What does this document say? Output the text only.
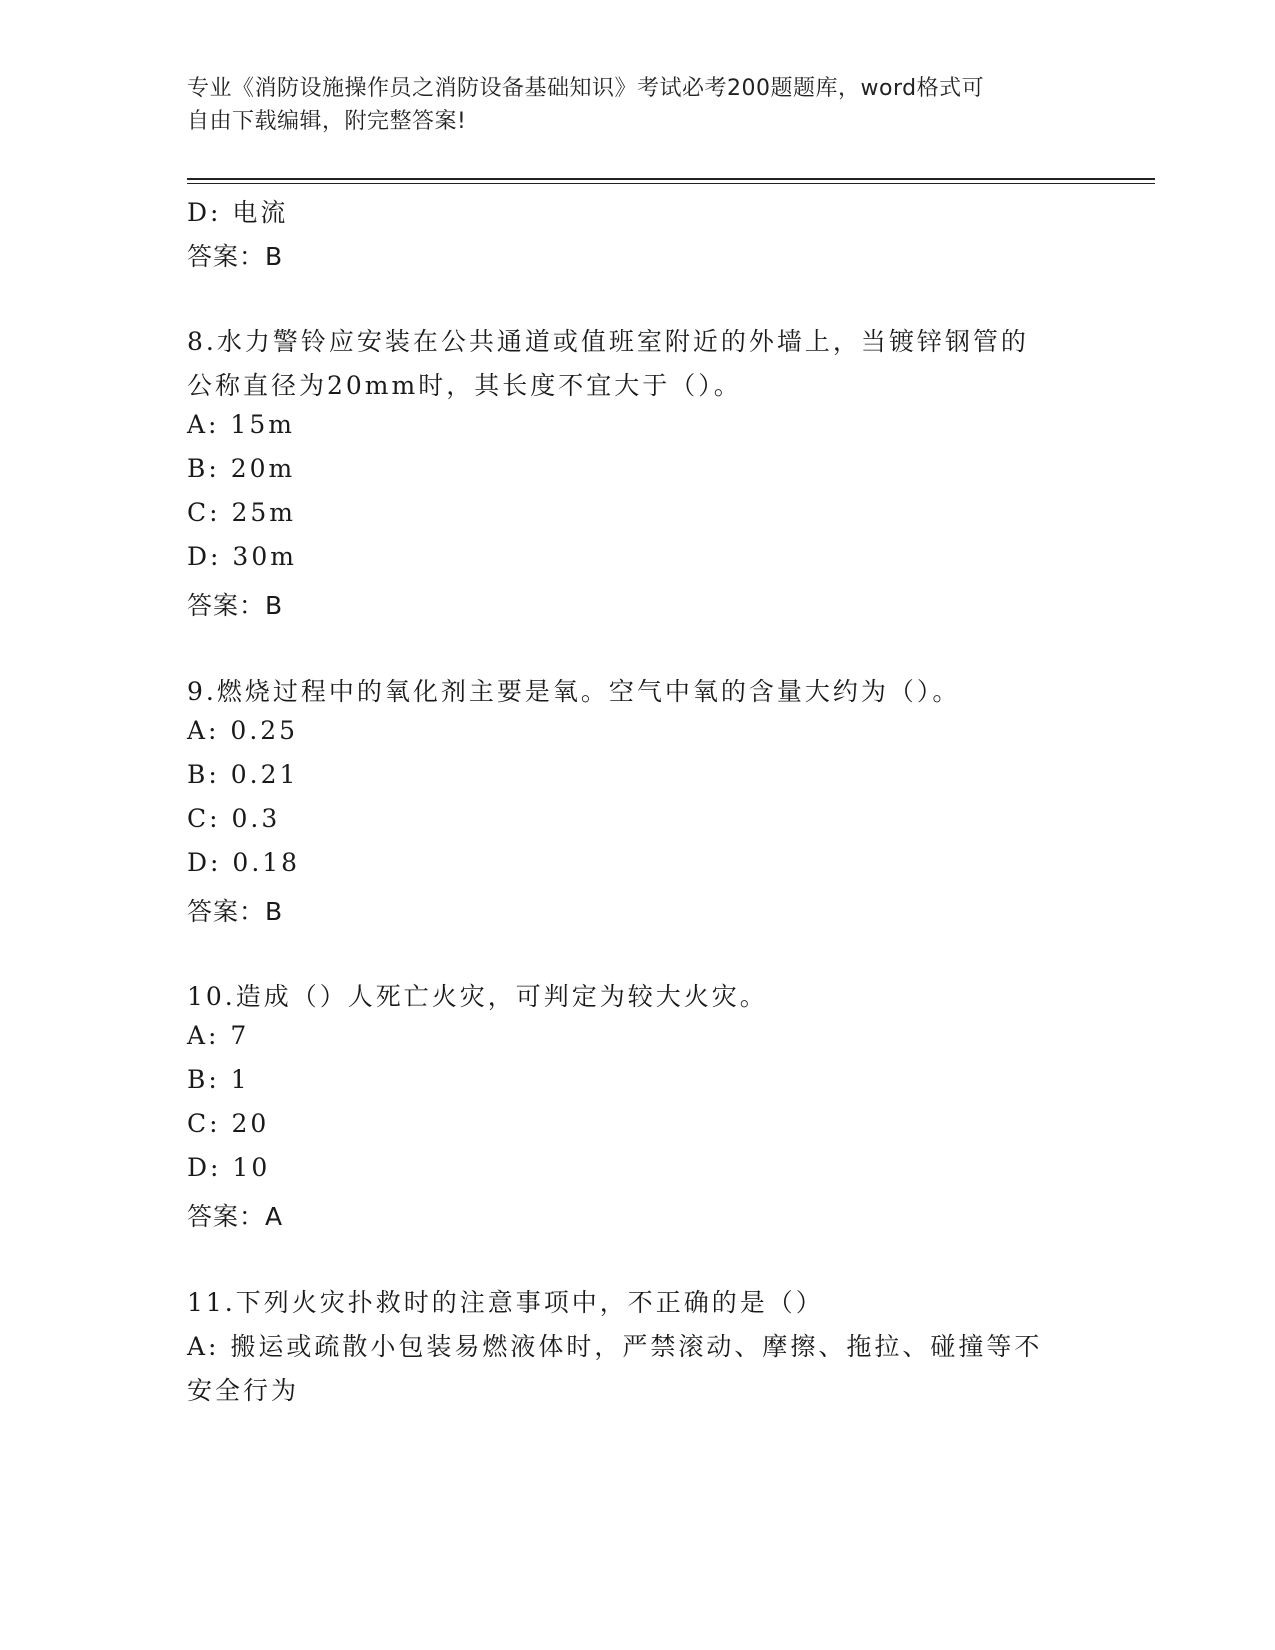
专业《消防设施操作员之消防设备基础知识》考试必考200题题库，word格式可
自由下载编辑，附完整答案!
D: 电流
答案：B
8.水力警铃应安装在公共通道或值班室附近的外墙上，当镀锌钢管的
公称直径为20mm时，其长度不宜大于（）。
A: 15m
B: 20m
C: 25m
D: 30m
答案：B
9.燃烧过程中的氧化剂主要是氧。空气中氧的含量大约为（）。
A: 0.25
B: 0.21
C: 0.3
D: 0.18
答案：B
10.造成（）人死亡火灾，可判定为较大火灾。
A: 7
B: 1
C: 20
D: 10
答案：A
11.下列火灾扑救时的注意事项中，不正确的是（）
A: 搬运或疏散小包装易燃液体时，严禁滚动、摩擦、拖拉、碰撞等不
安全行为
